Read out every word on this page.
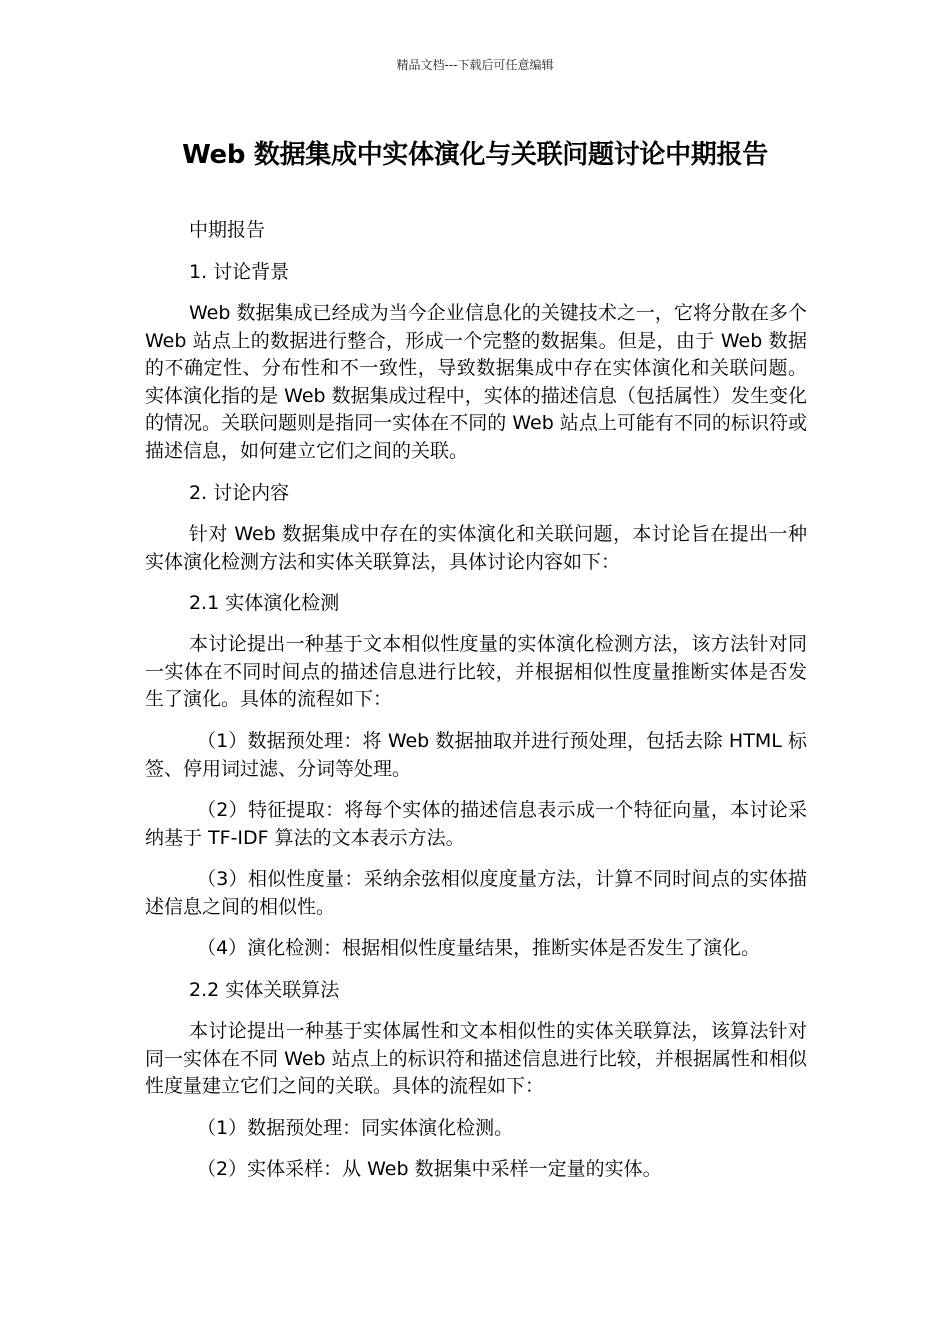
精品文档---下载后可任意编辑
Web 数据集成中实体演化与关联问题讨论中期报告

中期报告

1. 讨论背景

Web 数据集成已经成为当今企业信息化的关键技术之一，它将分散在多个 Web 站点上的数据进行整合，形成一个完整的数据集。但是，由于 Web 数据的不确定性、分布性和不一致性，导致数据集成中存在实体演化和关联问题。实体演化指的是 Web 数据集成过程中，实体的描述信息（包括属性）发生变化的情况。关联问题则是指同一实体在不同的 Web 站点上可能有不同的标识符或描述信息，如何建立它们之间的关联。

2. 讨论内容

针对 Web 数据集成中存在的实体演化和关联问题，本讨论旨在提出一种实体演化检测方法和实体关联算法，具体讨论内容如下：

2.1 实体演化检测

本讨论提出一种基于文本相似性度量的实体演化检测方法，该方法针对同一实体在不同时间点的描述信息进行比较，并根据相似性度量推断实体是否发生了演化。具体的流程如下：

（1）数据预处理：将 Web 数据抽取并进行预处理，包括去除 HTML 标签、停用词过滤、分词等处理。

（2）特征提取：将每个实体的描述信息表示成一个特征向量，本讨论采纳基于 TF-IDF 算法的文本表示方法。

（3）相似性度量：采纳余弦相似度度量方法，计算不同时间点的实体描述信息之间的相似性。

（4）演化检测：根据相似性度量结果，推断实体是否发生了演化。

2.2 实体关联算法

本讨论提出一种基于实体属性和文本相似性的实体关联算法，该算法针对同一实体在不同 Web 站点上的标识符和描述信息进行比较，并根据属性和相似性度量建立它们之间的关联。具体的流程如下：

（1）数据预处理：同实体演化检测。

（2）实体采样：从 Web 数据集中采样一定量的实体。
